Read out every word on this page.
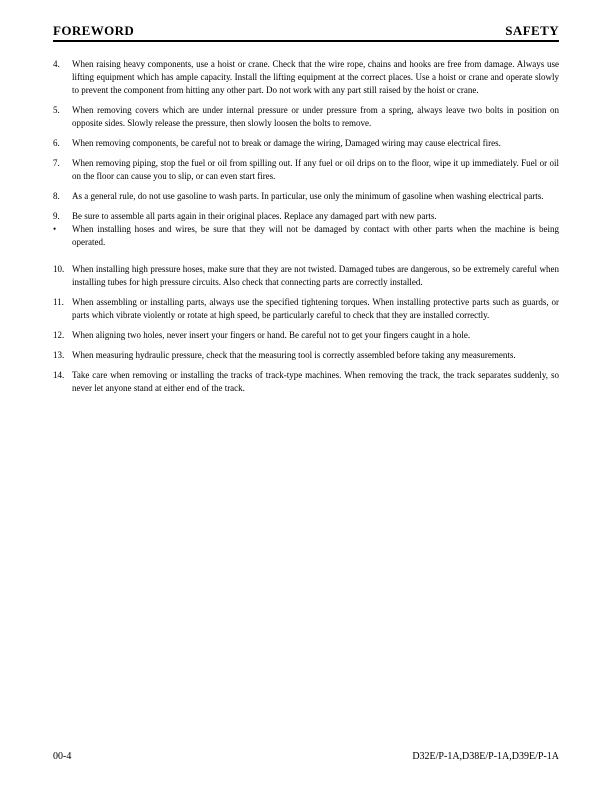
FOREWORD	SAFETY
4.	When raising heavy components, use a hoist or crane. Check that the wire rope, chains and hooks are free from damage. Always use lifting equipment which has ample capacity. Install the lifting equipment at the correct places. Use a hoist or crane and operate slowly to prevent the component from hitting any other part. Do not work with any part still raised by the hoist or crane.
5.	When removing covers which are under internal pressure or under pressure from a spring, always leave two bolts in position on opposite sides. Slowly release the pressure, then slowly loosen the bolts to remove.
6.	When removing components, be careful not to break or damage the wiring, Damaged wiring may cause electrical fires.
7.	When removing piping, stop the fuel or oil from spilling out. If any fuel or oil drips on to the floor, wipe it up immediately. Fuel or oil on the floor can cause you to slip, or can even start fires.
8.	As a general rule, do not use gasoline to wash parts. In particular, use only the minimum of gasoline when washing electrical parts.
9.	Be sure to assemble all parts again in their original places. Replace any damaged part with new parts.
•	When installing hoses and wires, be sure that they will not be damaged by contact with other parts when the machine is being operated.
10. When installing high pressure hoses, make sure that they are not twisted. Damaged tubes are dangerous, so be extremely careful when installing tubes for high pressure circuits. Also check that connecting parts are correctly installed.
11. When assembling or installing parts, always use the specified tightening torques. When installing protective parts such as guards, or parts which vibrate violently or rotate at high speed, be particularly careful to check that they are installed correctly.
12. When aligning two holes, never insert your fingers or hand. Be careful not to get your fingers caught in a hole.
13. When measuring hydraulic pressure, check that the measuring tool is correctly assembled before taking any measurements.
14. Take care when removing or installing the tracks of track-type machines. When removing the track, the track separates suddenly, so never let anyone stand at either end of the track.
00-4	D32E/P-1A,D38E/P-1A,D39E/P-1A
